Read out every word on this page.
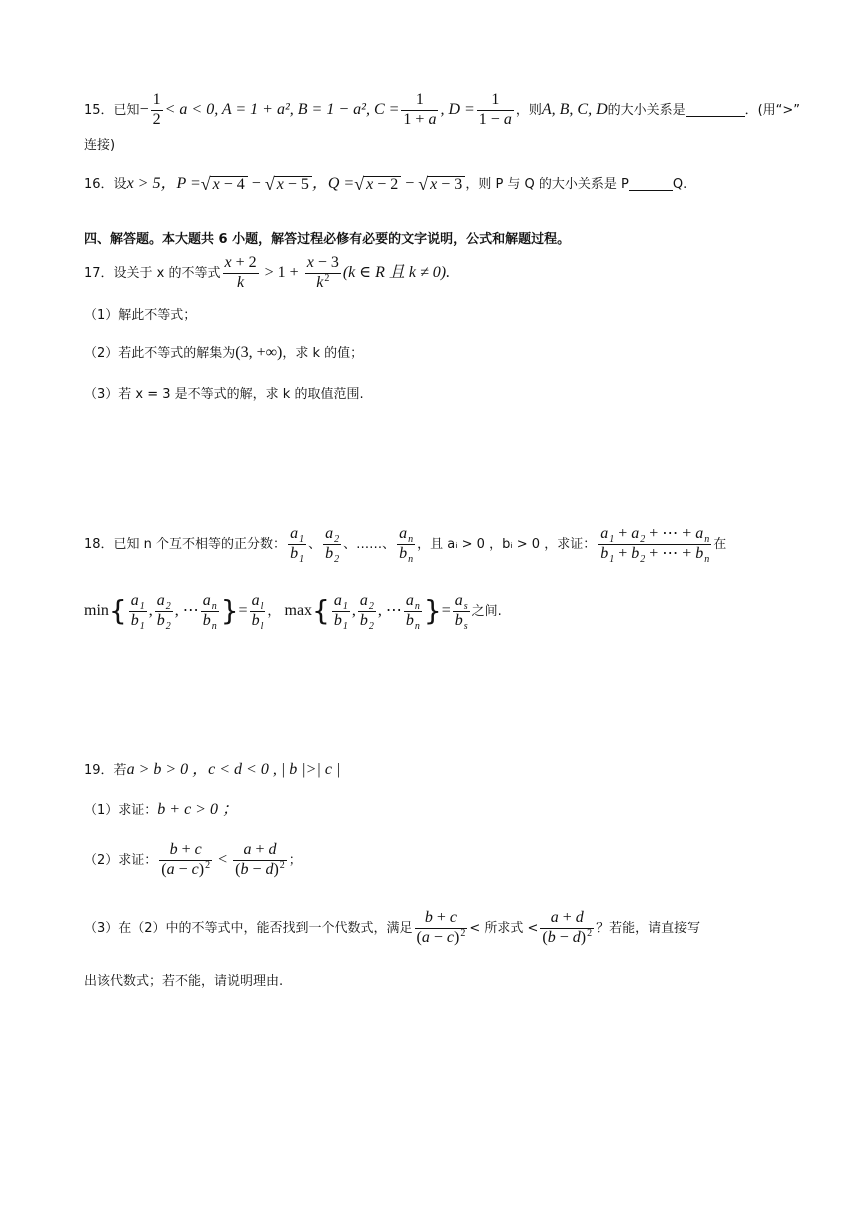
15． 已知 − $\frac{1}{2} < a < 0$, A = 1 + a², B = 1 − a², $C = \frac{1}{1 + a}$ , $D = \frac{1}{1 - a}$ ，则 A, B, C, D 的大小关系是	．(用“>”
连接)
16． 设 x > 5 ，P = √ x − 4 − √ x − 5 ，Q = √ x − 2 − √ x − 3 ，则 P 与 Q 的大小关系是 P	Q.
四、解答题。本大题共 6 小题，解答过程必修有必要的文字说明，公式和解题过程。
17． 设关于 x 的不等式 $\frac{x + 2}{k} > 1 + \frac{x - 3}{k^2} (k$ ∈ R 且 k ≠ 0).
（1）解此不等式；
（2）若此不等式的解集为 (3, +∞) ，求 k 的值；
（3）若 x = 3 是不等式的解，求 k 的取值范围.
18． 已知 n 个互不相等的正分数： $\frac{a_1}{b_1}$ 、 $\frac{a_2}{b_2}$ 、……、 $\frac{a_n}{b_n}$ ，且 aᵢ > 0 ，bᵢ > 0 ，求证： $\frac{a_1 + a_2 + \cdots + a_n}{b_1 + b_2 + \cdots + b_n}$ 在
min { $\frac{a_1}{b_1}$ , $\frac{a_2}{b_2}$ , ⋯ $\frac{a_n}{b_n}$ } = $\frac{a_l}{b_l}$ ， max { $\frac{a_1}{b_1}$ , $\frac{a_2}{b_2}$ , ⋯ $\frac{a_n}{b_n}$ } = $\frac{a_s}{b_s}$ 之间.
19． 若 a > b > 0 ，c < d < 0 , | b |>| c |
（1）求证： b + c > 0 ；
（2）求证： $\frac{b + c}{(a - c)^2} < \frac{a + d}{(b - d)^2}$ ；
（3）在（2）中的不等式中，能否找到一个代数式，满足 $\frac{b + c}{(a - c)^2}$ < 所求式 < $\frac{a + d}{(b - d)^2}$ ？若能，请直接写
出该代数式；若不能，请说明理由.
